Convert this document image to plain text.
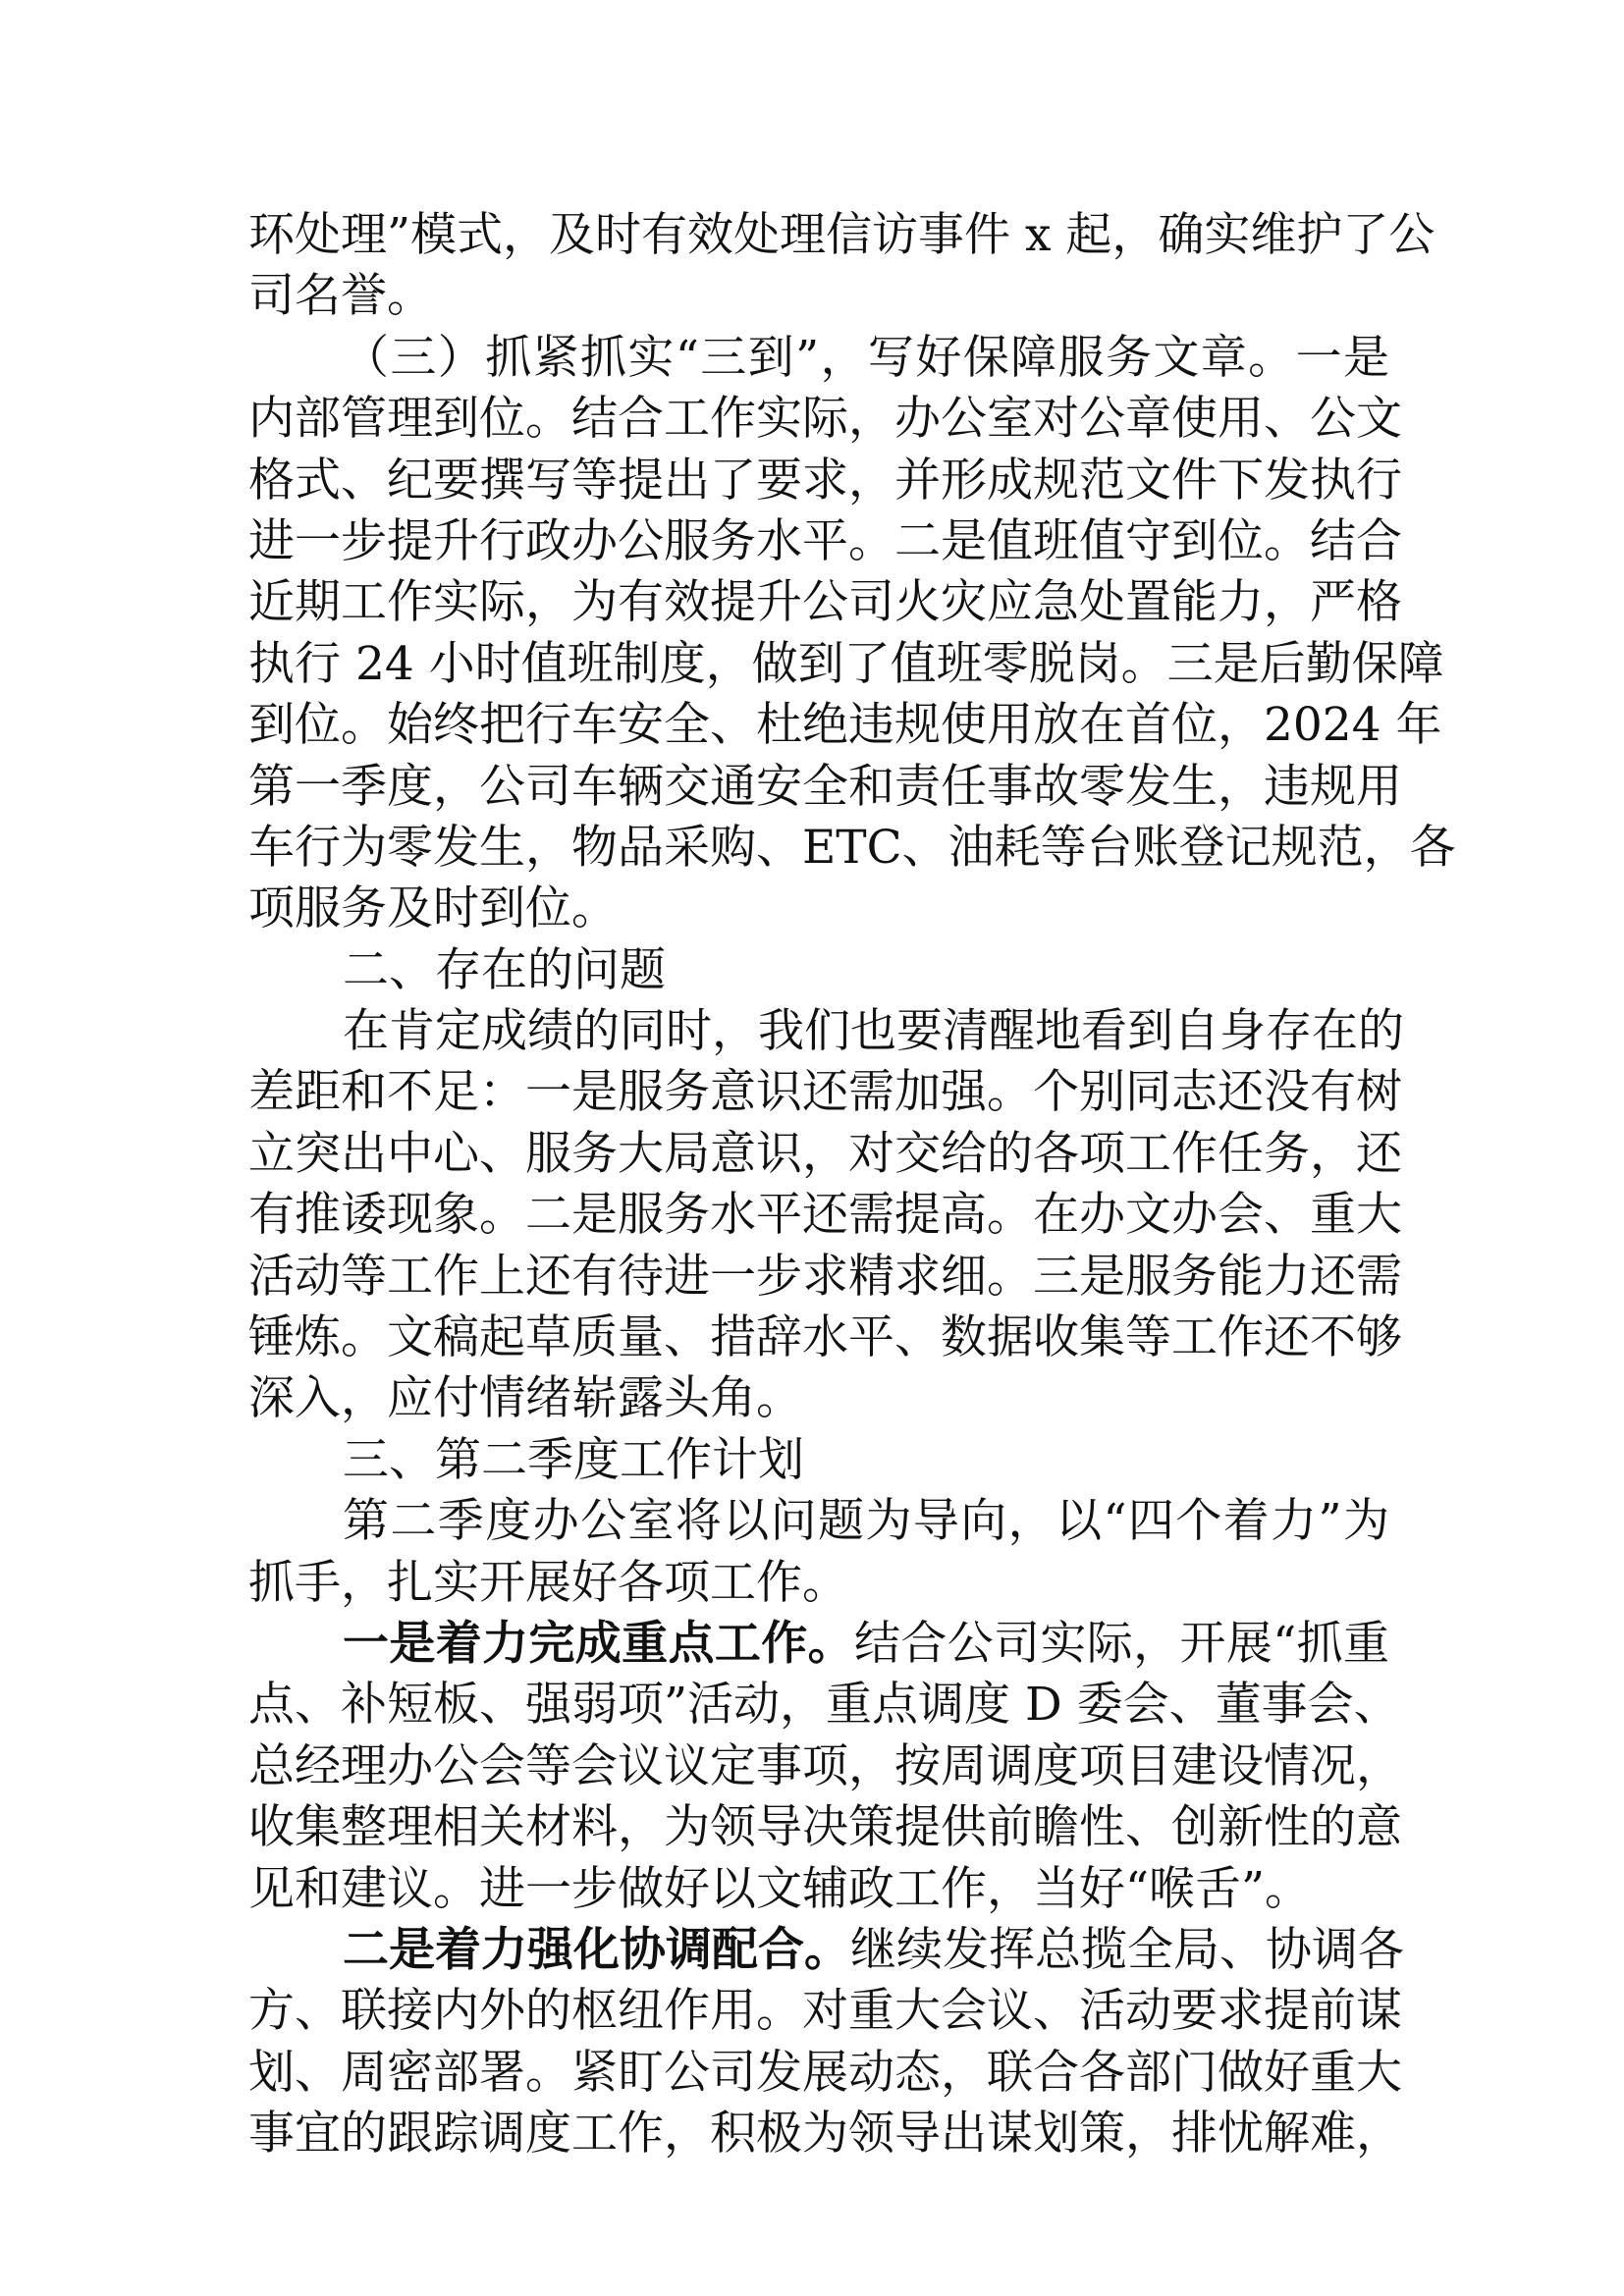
环处理”模式，及时有效处理信访事件 x 起，确实维护了公
司名誉。
（三）抓紧抓实“三到”，写好保障服务文章。一是
内部管理到位。结合工作实际，办公室对公章使用、公文
格式、纪要撰写等提出了要求，并形成规范文件下发执行
进一步提升行政办公服务水平。二是值班值守到位。结合
近期工作实际，为有效提升公司火灾应急处置能力，严格
执行 24 小时值班制度，做到了值班零脱岗。三是后勤保障
到位。始终把行车安全、杜绝违规使用放在首位，2024 年
第一季度，公司车辆交通安全和责任事故零发生，违规用
车行为零发生，物品采购、ETC、油耗等台账登记规范，各
项服务及时到位。
二、存在的问题
在肯定成绩的同时，我们也要清醒地看到自身存在的
差距和不足：一是服务意识还需加强。个别同志还没有树
立突出中心、服务大局意识，对交给的各项工作任务，还
有推诿现象。二是服务水平还需提高。在办文办会、重大
活动等工作上还有待进一步求精求细。三是服务能力还需
锤炼。文稿起草质量、措辞水平、数据收集等工作还不够
深入，应付情绪崭露头角。
三、第二季度工作计划
第二季度办公室将以问题为导向，以“四个着力”为
抓手，扎实开展好各项工作。
一是着力完成重点工作。结合公司实际，开展“抓重
点、补短板、强弱项”活动，重点调度 D 委会、董事会、
总经理办公会等会议议定事项，按周调度项目建设情况，
收集整理相关材料，为领导决策提供前瞻性、创新性的意
见和建议。进一步做好以文辅政工作，当好“喉舌”。
二是着力强化协调配合。继续发挥总揽全局、协调各
方、联接内外的枢纽作用。对重大会议、活动要求提前谋
划、周密部署。紧盯公司发展动态，联合各部门做好重大
事宜的跟踪调度工作，积极为领导出谋划策，排忧解难，
